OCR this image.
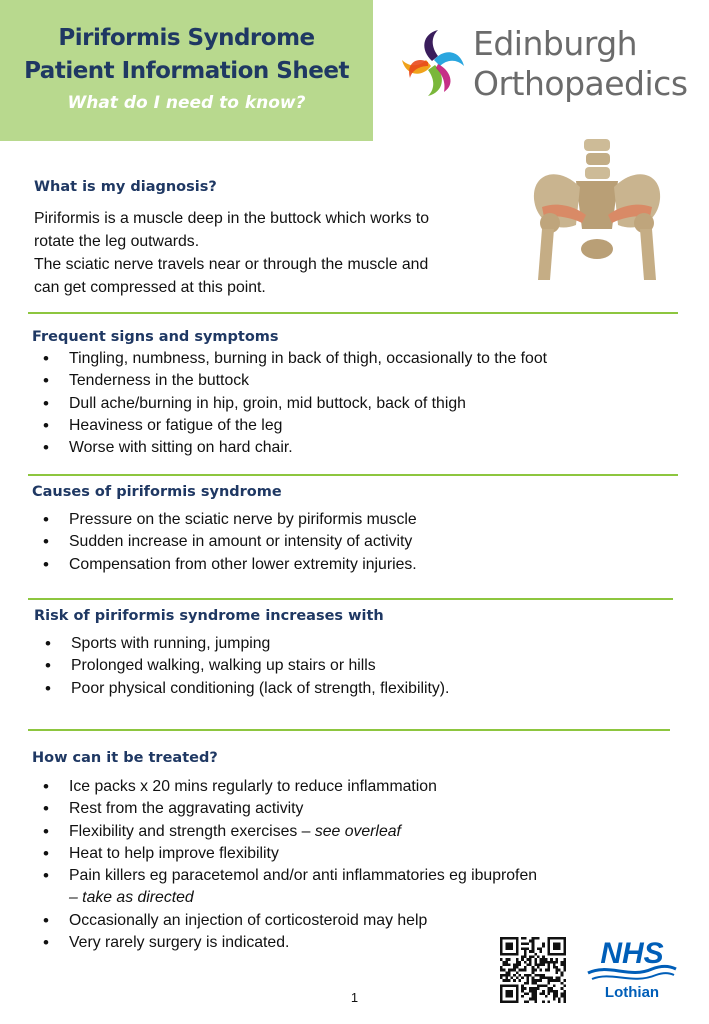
Piriformis Syndrome
Patient Information Sheet
What do I need to know?
Edinburgh
Orthopaedics
What is my diagnosis?
Piriformis is a muscle deep in the buttock which works to
rotate the leg outwards.
The sciatic nerve travels near or through the muscle and
can get compressed at this point.
Frequent signs and symptoms
• Tingling, numbness, burning in back of thigh, occasionally to the foot
• Tenderness in the buttock
• Dull ache/burning in hip, groin, mid buttock, back of thigh
• Heaviness or fatigue of the leg
• Worse with sitting on hard chair.
Causes of piriformis syndrome
• Pressure on the sciatic nerve by piriformis muscle
• Sudden increase in amount or intensity of activity
• Compensation from other lower extremity injuries.
Risk of piriformis syndrome increases with
• Sports with running, jumping
• Prolonged walking, walking up stairs or hills
• Poor physical conditioning (lack of strength, flexibility).
How can it be treated?
• Ice packs x 20 mins regularly to reduce inflammation
• Rest from the aggravating activity
• Flexibility and strength exercises – see overleaf
• Heat to help improve flexibility
• Pain killers eg paracetemol and/or anti inflammatories eg ibuprofen
– take as directed
• Occasionally an injection of corticosteroid may help
• Very rarely surgery is indicated.	NHS
Lothian
1
